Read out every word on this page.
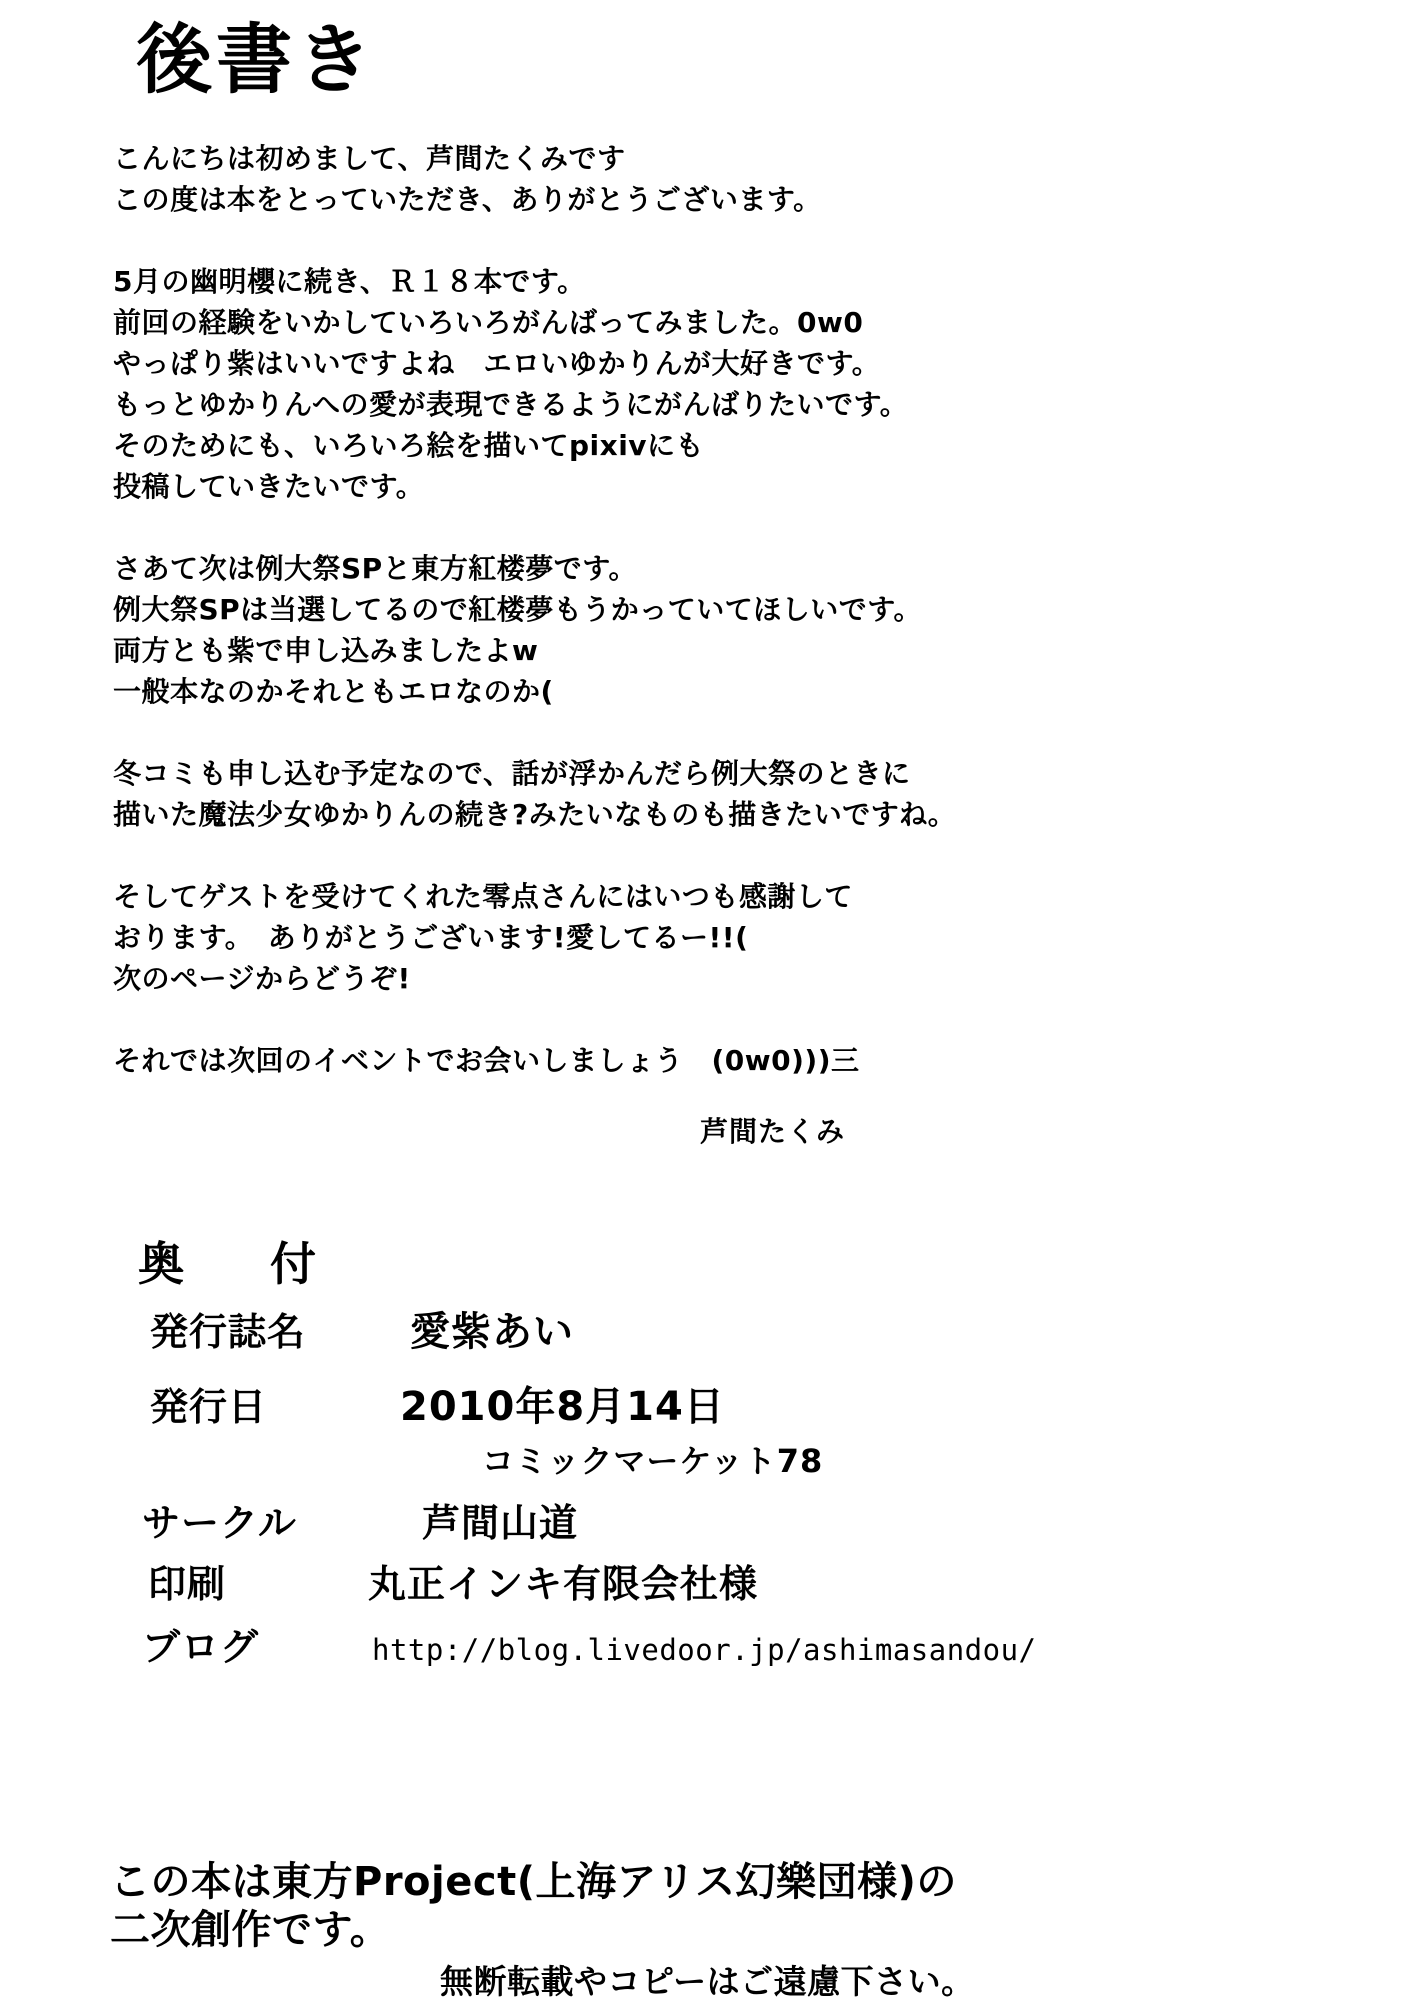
後書き

こんにちは初めまして、芦間たくみです

この度は本をとっていただき、ありがとうございます。

5月の幽明櫻に続き、Ｒ１８本です。

前回の経験をいかしていろいろがんばってみました。0w0

やっぱり紫はいいですよね　エロいゆかりんが大好きです。

もっとゆかりんへの愛が表現できるようにがんばりたいです。

そのためにも、いろいろ絵を描いてpixivにも

投稿していきたいです。

さあて次は例大祭SPと東方紅楼夢です。

例大祭SPは当選してるので紅楼夢もうかっていてほしいです。

両方とも紫で申し込みましたよw

一般本なのかそれともエロなのか(

冬コミも申し込む予定なので、話が浮かんだら例大祭のときに

描いた魔法少女ゆかりんの続き?みたいなものも描きたいですね。

そしてゲストを受けてくれた零点さんにはいつも感謝して

おります。　ありがとうございます!愛してるー!!(

次のページからどうぞ!

それでは次回のイベントでお会いしましょう　(0w0)))三

芦間たくみ
奥　付
発行誌名	愛紫あい
発行日	2010年8月14日
コミックマーケット78
サークル	芦間山道
印刷	丸正インキ有限会社様
ブログ	http://blog.livedoor.jp/ashimasandou/
この本は東方Project(上海アリス幻樂団様)の
二次創作です。
無断転載やコピーはご遠慮下さい。
